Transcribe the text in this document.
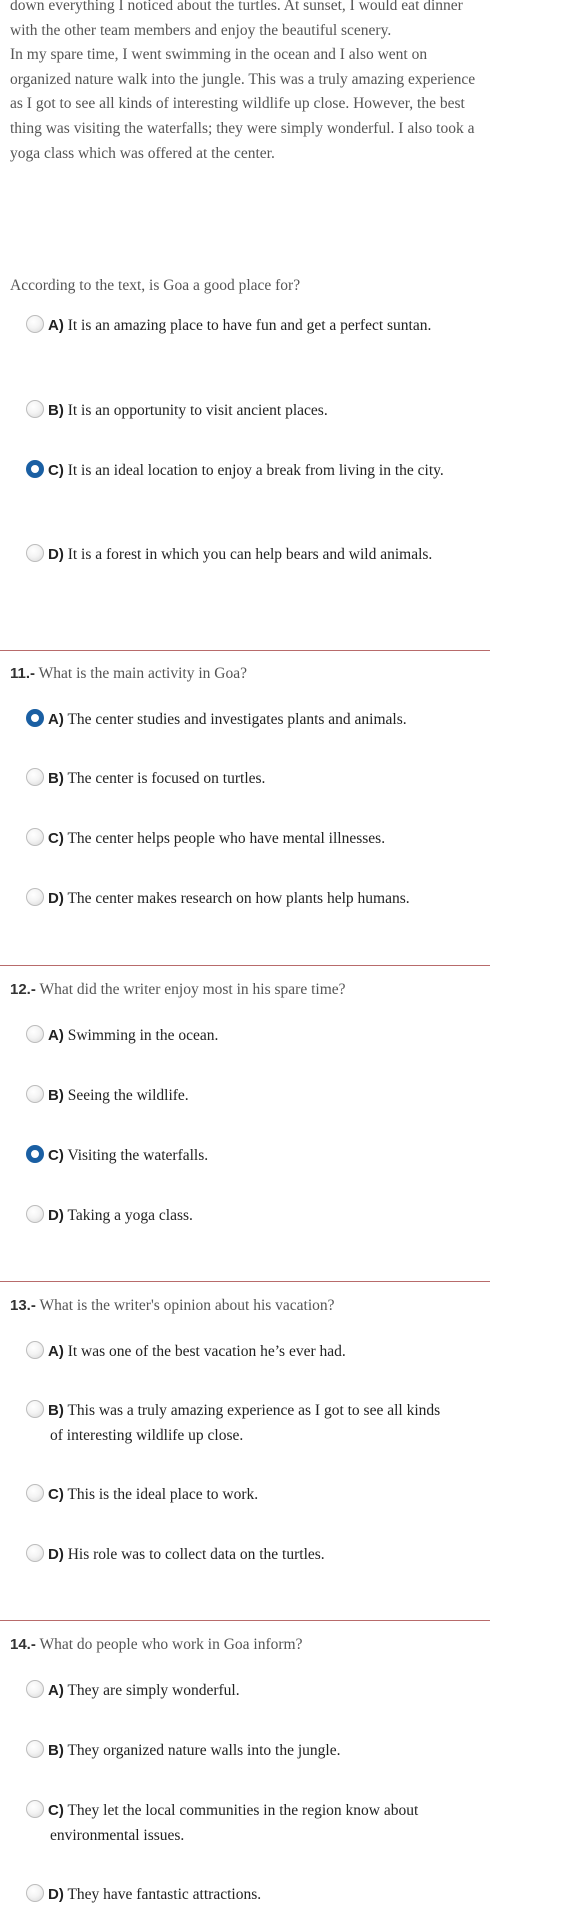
down everything I noticed about the turtles. At sunset, I would eat dinner with the other team members and enjoy the beautiful scenery.

In my spare time, I went swimming in the ocean and I also went on organized nature walk into the jungle. This was a truly amazing experience as I got to see all kinds of interesting wildlife up close. However, the best thing was visiting the waterfalls; they were simply wonderful. I also took a yoga class which was offered at the center.

According to the text, is Goa a good place for?
A) It is an amazing place to have fun and get a perfect suntan.
B) It is an opportunity to visit ancient places.
C) It is an ideal location to enjoy a break from living in the city.
D) It is a forest in which you can help bears and wild animals.
11.- What is the main activity in Goa?
A) The center studies and investigates plants and animals.
B) The center is focused on turtles.
C) The center helps people who have mental illnesses.
D) The center makes research on how plants help humans.
12.- What did the writer enjoy most in his spare time?
A) Swimming in the ocean.
B) Seeing the wildlife.
C) Visiting the waterfalls.
D) Taking a yoga class.
13.- What is the writer's opinion about his vacation?
A) It was one of the best vacation he’s ever had.
B) This was a truly amazing experience as I got to see all kinds of interesting wildlife up close.
C) This is the ideal place to work.
D) His role was to collect data on the turtles.
14.- What do people who work in Goa inform?
A) They are simply wonderful.
B) They organized nature walls into the jungle.
C) They let the local communities in the region know about environmental issues.
D) They have fantastic attractions.
